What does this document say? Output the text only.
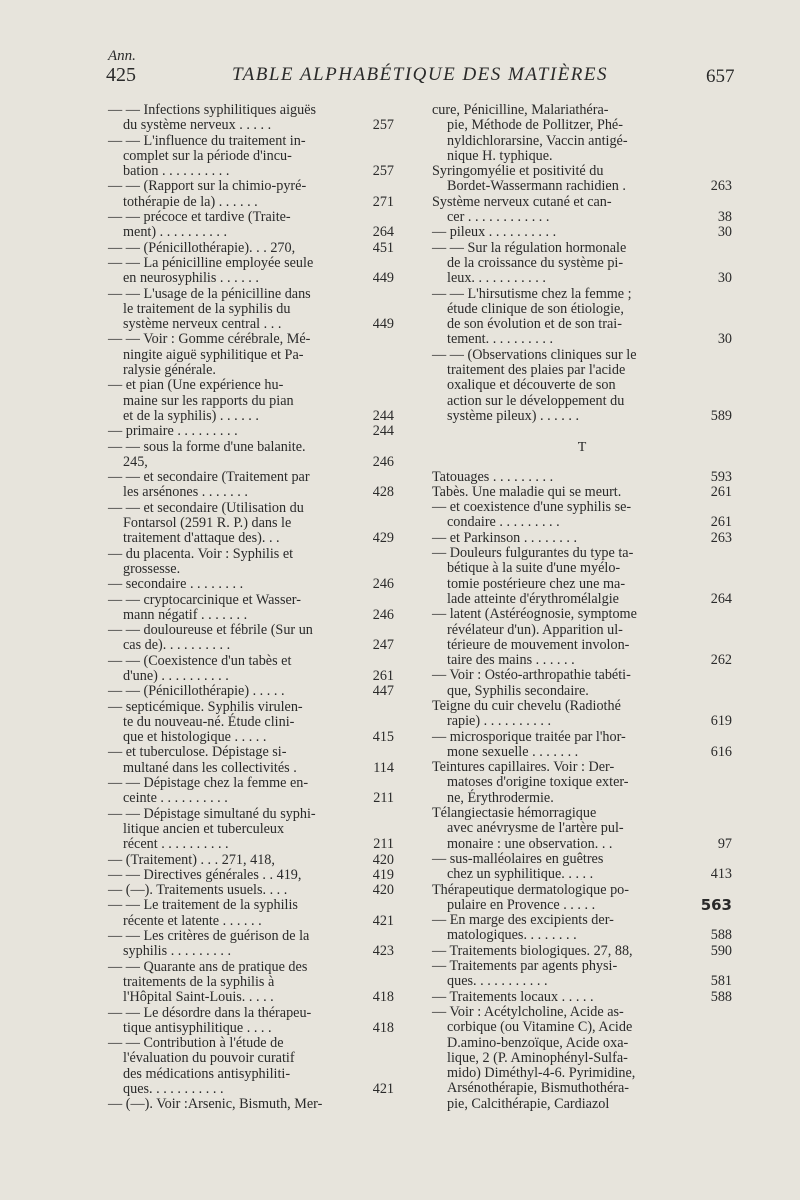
Ann.
425	TABLE ALPHABÉTIQUE DES MATIÈRES	657
— — Infections syphilitiques aiguës
du système nerveux . . . . .	257
— — L'influence du traitement in-
complet sur la période d'incu-
bation . . . . . . . . . .	257
— — (Rapport sur la chimio-pyré-
tothérapie de la) . . . . . .	271
— — précoce et tardive (Traite-
ment) . . . . . . . . . .	264
— — (Pénicillothérapie). . . 270,	451
— — La pénicilline employée seule
en neurosyphilis . . . . . .	449
— — L'usage de la pénicilline dans
le traitement de la syphilis du
système nerveux central . . .	449
— — Voir : Gomme cérébrale, Mé-
ningite aiguë syphilitique et Pa-
ralysie générale.
— et pian (Une expérience hu-
maine sur les rapports du pian
et de la syphilis) . . . . . .	244
— primaire . . . . . . . . .	244
— — sous la forme d'une balanite.
245,	246
— — et secondaire (Traitement par
les arsénones . . . . . . .	428
— — et secondaire (Utilisation du
Fontarsol (2591 R. P.) dans le
traitement d'attaque des). . .	429
— du placenta. Voir : Syphilis et
grossesse.
— secondaire . . . . . . . .	246
— — cryptocarcinique et Wasser-
mann négatif . . . . . . .	246
— — douloureuse et fébrile (Sur un
cas de). . . . . . . . . .	247
— — (Coexistence d'un tabès et
d'une) . . . . . . . . . .	261
— — (Pénicillothérapie) . . . . .	447
— septicémique. Syphilis virulen-
te du nouveau-né. Étude clini-
que et histologique . . . . .	415
— et tuberculose. Dépistage si-
multané dans les collectivités .	114
— — Dépistage chez la femme en-
ceinte . . . . . . . . . .	211
— — Dépistage simultané du syphi-
litique ancien et tuberculeux
récent . . . . . . . . . .	211
— (Traitement) . . . 271, 418,	420
— — Directives générales . . 419,	419
— (—). Traitements usuels. . . .	420
— — Le traitement de la syphilis
récente et latente . . . . . .	421
— — Les critères de guérison de la
syphilis . . . . . . . . .	423
— — Quarante ans de pratique des
traitements de la syphilis à
l'Hôpital Saint-Louis. . . . .	418
— — Le désordre dans la thérapeu-
tique antisyphilitique . . . .	418
— — Contribution à l'étude de
l'évaluation du pouvoir curatif
des médications antisyphiliti-
ques. . . . . . . . . . .	421
— (—). Voir :Arsenic, Bismuth, Mer-
cure, Pénicilline, Malariathéra-
pie, Méthode de Pollitzer, Phé-
nyldichlorarsine, Vaccin antigé-
nique H. typhique.
Syringomyélie et positivité du
Bordet-Wassermann rachidien .	263
Système nerveux cutané et can-
cer . . . . . . . . . . . .	38
— pileux . . . . . . . . . .	30
— — Sur la régulation hormonale
de la croissance du système pi-
leux. . . . . . . . . . .	30
— — L'hirsutisme chez la femme ;
étude clinique de son étiologie,
de son évolution et de son trai-
tement. . . . . . . . . .	30
— — (Observations cliniques sur le
traitement des plaies par l'acide
oxalique et découverte de son
action sur le développement du
système pileux) . . . . . .	589
T
Tatouages . . . . . . . . .	593
Tabès. Une maladie qui se meurt.	261
— et coexistence d'une syphilis se-
condaire . . . . . . . . .	261
— et Parkinson . . . . . . . .	263
— Douleurs fulgurantes du type ta-
bétique à la suite d'une myélo-
tomie postérieure chez une ma-
lade atteinte d'érythromélalgie	264
— latent (Astéréognosie, symptome
révélateur d'un). Apparition ul-
térieure de mouvement involon-
taire des mains . . . . . .	262
— Voir : Ostéo-arthropathie tabéti-
que, Syphilis secondaire.
Teigne du cuir chevelu (Radiothé
rapie) . . . . . . . . . .	619
— microsporique traitée par l'hor-
mone sexuelle . . . . . . .	616
Teintures capillaires. Voir : Der-
matoses d'origine toxique exter-
ne, Érythrodermie.
Télangiectasie hémorragique
avec anévrysme de l'artère pul-
monaire : une observation. . .	97
— sus-malléolaires en guêtres
chez un syphilitique. . . . .	413
Thérapeutique dermatologique po-
pulaire en Provence . . . . .	563
— En marge des excipients der-
matologiques. . . . . . . .	588
— Traitements biologiques. 27, 88,	590
— Traitements par agents physi-
ques. . . . . . . . . . .	581
— Traitements locaux . . . . .	588
— Voir : Acétylcholine, Acide as-
corbique (ou Vitamine C), Acide
D.amino-benzoïque, Acide oxa-
lique, 2 (P. Aminophényl-Sulfa-
mido) Diméthyl-4-6. Pyrimidine,
Arsénothérapie, Bismuthothéra-
pie, Calcithérapie, Cardiazol
